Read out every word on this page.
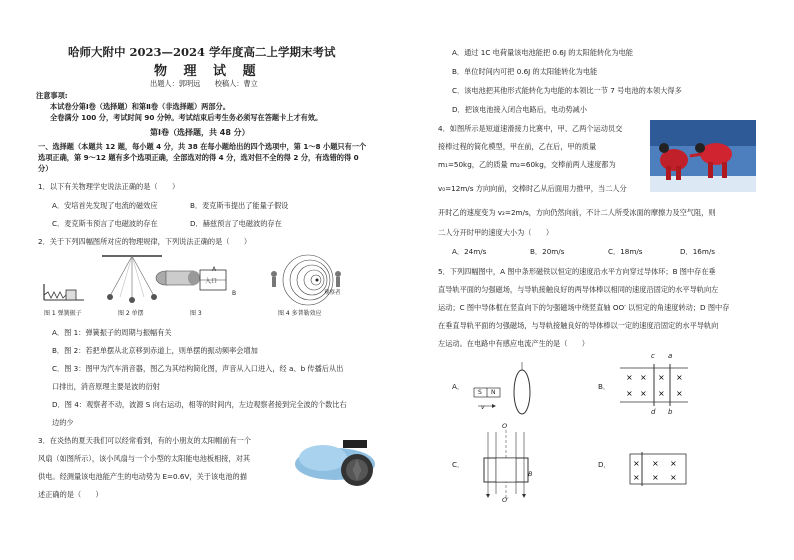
哈师大附中 2023—2024 学年度高二上学期末考试
物 理 试 题
出题人：郭明远　　校稿人：曹立
注意事项:
本试卷分第Ⅰ卷（选择题）和第Ⅱ卷（非选择题）两部分。
全卷满分 100 分，考试时间 90 分钟。考试结束后考生务必须写在答题卡上才有效。
第Ⅰ卷（选择题，共 48 分）
一、选择题（本题共 12 题，每小题 4 分，共 38 在每小题给出的四个选项中，第 1～8 小题只有一个
选项正确，第 9～12 题有多个选项正确，全部选对的得 4 分，选对但不全的得 2 分，有选错的得 0
分）
1．以下有关物理学史说法正确的是（　　）
A．安培首先发现了电流的磁效应	B．麦克斯韦提出了能量子假设
C．麦克斯韦预言了电磁波的存在	D．赫兹预言了电磁波的存在
2．关于下列四幅图所对应的物理规律，下列说法正确的是（　　）
图 1 弹簧振子	图 2 单摆
A
入口
B
图 3
观察者
图 4 多普勒效应
A．图 1：弹簧振子的周期与振幅有关
B．图 2：若把单摆从北京移到赤道上，则单摆的振动频率会增加
C．图 3：图甲为汽车消音器，图乙为其结构简化图，声音从入口进入，经 a、b 传播后从出
口排出，消音原理主要是波的衍射
D．图 4：观察者不动，波源 S 向右运动，相等的时间内，左边观察者接到完全波的个数比右
边的少
3．在炎热的夏天我们可以经常看到，有的小朋友的太阳帽前有一个
风扇（如图所示），该小风扇与一个小型的太阳能电池板相接，对其
供电。经测量该电池能产生的电动势为 E=0.6V，关于该电池的描
述正确的是（　　）
A．通过 1C 电荷量该电池能把 0.6J 的太阳能转化为电能
B．单位时间内可把 0.6J 的太阳能转化为电能
C．该电池把其他形式能转化为电能的本领比一节 7 号电池的本领大得多
D．把该电池接入闭合电路后，电动势减小
4．如图所示是短道速滑接力比赛中，甲、乙两个运动员交
接棒过程的简化模型，甲在前，乙在后，甲的质量
m₁=50kg，乙的质量 m₂=60kg，交棒前两人速度都为
v₀=12m/s 方向向前，交棒时乙从后面用力推甲，当二人分
开时乙的速度变为 v₂=2m/s，方向仍然向前，不计二人所受冰面的摩擦力及空气阻，则
二人分开时甲的速度大小为（　　）
A．24m/s	B．20m/s	C．18m/s	D．16m/s
5．下列四幅图中，A 图中条形磁铁以恒定的速度沿水平方向穿过导体环；B 图中存在垂
直导轨平面的匀强磁场，与导轨接触良好的两导体棒以相同的速度沿固定的水平导轨向左
运动；C 图中导体框在竖直向下的匀强磁场中绕竖直轴 OO′ 以恒定的角速度转动；D 图中存
在垂直导轨平面的匀强磁场，与导轨接触良好的导体棒以一定的速度沿固定的水平导轨向
左运动。在电路中有感应电流产生的是（　　）
A．
S N
v
B．
× × × ×
× × × ×
c a
d b
C．
O
O′
B
D．	× × ×
× × ×
